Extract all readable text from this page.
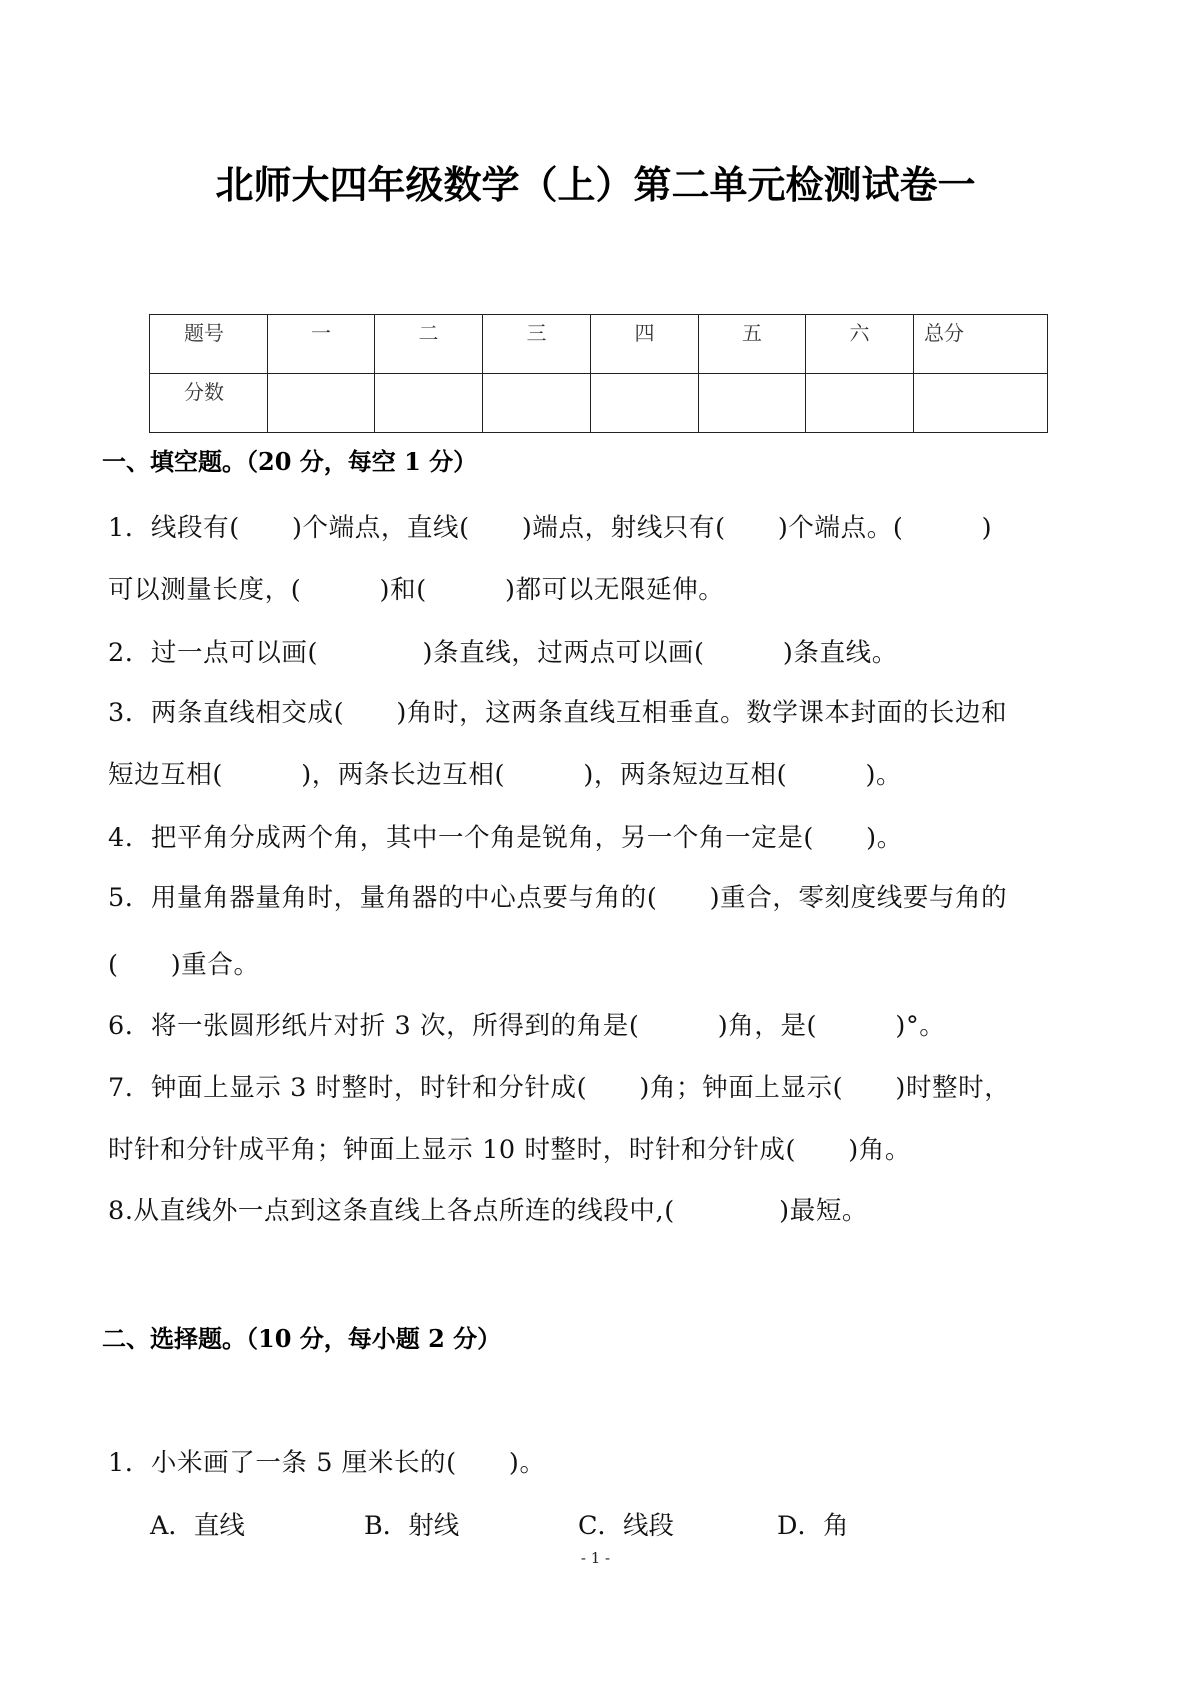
北师大四年级数学（上）第二单元检测试卷一
题号	一	二	三	四	五	六	总分
分数							
一、填空题。（20 分，每空 1 分）
1．线段有(　　)个端点，直线(　　)端点，射线只有(　　)个端点。(　　　)
可以测量长度，(　　　)和(　　　)都可以无限延伸。
2．过一点可以画(　　　　)条直线，过两点可以画(　　　)条直线。
3．两条直线相交成(　　)角时，这两条直线互相垂直。数学课本封面的长边和
短边互相(　　　)，两条长边互相(　　　)，两条短边互相(　　　)。
4．把平角分成两个角，其中一个角是锐角，另一个角一定是(　　)。
5．用量角器量角时，量角器的中心点要与角的(　　)重合，零刻度线要与角的
(　　)重合。
6．将一张圆形纸片对折 3 次，所得到的角是(　　　)角，是(　　　)°。
7．钟面上显示 3 时整时，时针和分针成(　　)角；钟面上显示(　　)时整时，
时针和分针成平角；钟面上显示 10 时整时，时针和分针成(　　)角。
8.从直线外一点到这条直线上各点所连的线段中,(　　　　)最短。
二、选择题。（10 分，每小题 2 分）
1．小米画了一条 5 厘米长的(　　)。
A．直线	B．射线	C．线段	D．角
- 1 -
